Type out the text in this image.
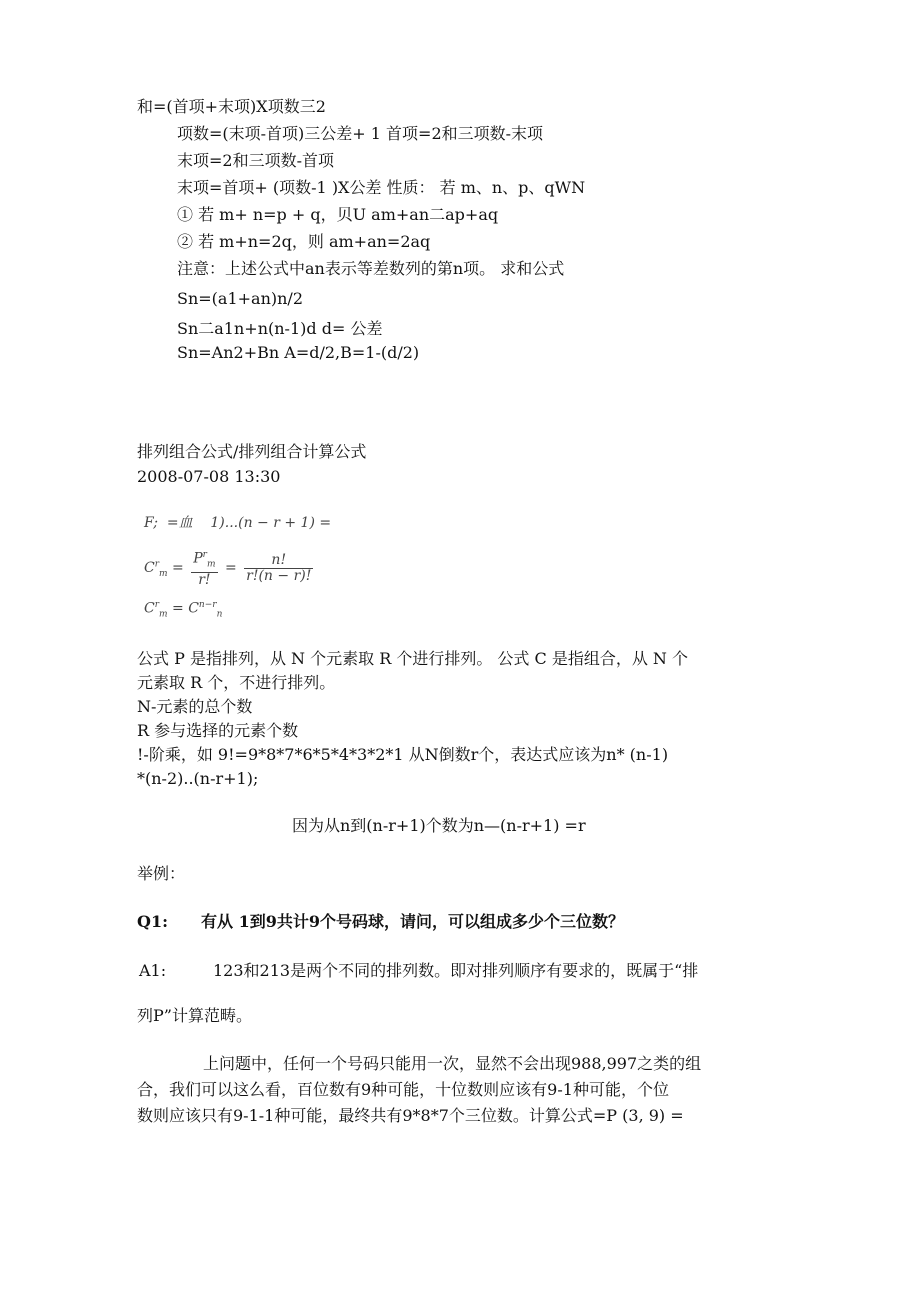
和=(首项+末项)X项数三2
项数=(末项-首项)三公差+ 1 首项=2和三项数-末项
末项=2和三项数-首项
末项=首项+ (项数-1 )X公差 性质： 若 m、n、p、qWN
① 若 m+ n=p + q，贝U am+an二ap+aq
② 若 m+n=2q，则 am+an=2aq
注意：上述公式中an表示等差数列的第n项。 求和公式
Sn=(a1+an)n/2
Sn二a1n+n(n-1)d d= 公差
Sn=An2+Bn A=d/2,B=1-(d/2)
排列组合公式/排列组合计算公式
2008-07-08 13:30
F; =血 1)...(n − r + 1) =
$C^r_m = \frac{P^r_m}{r!} = \frac{n!}{r!(n - r)!}$
$C^r_m = C^{n-r}_n$
公式 P 是指排列，从 N 个元素取 R 个进行排列。 公式 C 是指组合，从 N 个
元素取 R 个，不进行排列。
N-元素的总个数
R 参与选择的元素个数
!-阶乘，如 9!=9*8*7*6*5*4*3*2*1 从N倒数r个，表达式应该为n* (n-1)
*(n-2)..(n-r+1);
因为从n到(n-r+1)个数为n—(n-r+1) =r
举例：
Q1: 有从 1到9共计9个号码球，请问，可以组成多少个三位数？
A1:	123和213是两个不同的排列数。即对排列顺序有要求的，既属于“排
列P”计算范畴。
上问题中，任何一个号码只能用一次，显然不会出现988,997之类的组
合，我们可以这么看，百位数有9种可能，十位数则应该有9-1种可能，个位
数则应该只有9-1-1种可能，最终共有9*8*7个三位数。计算公式=P (3, 9) =
